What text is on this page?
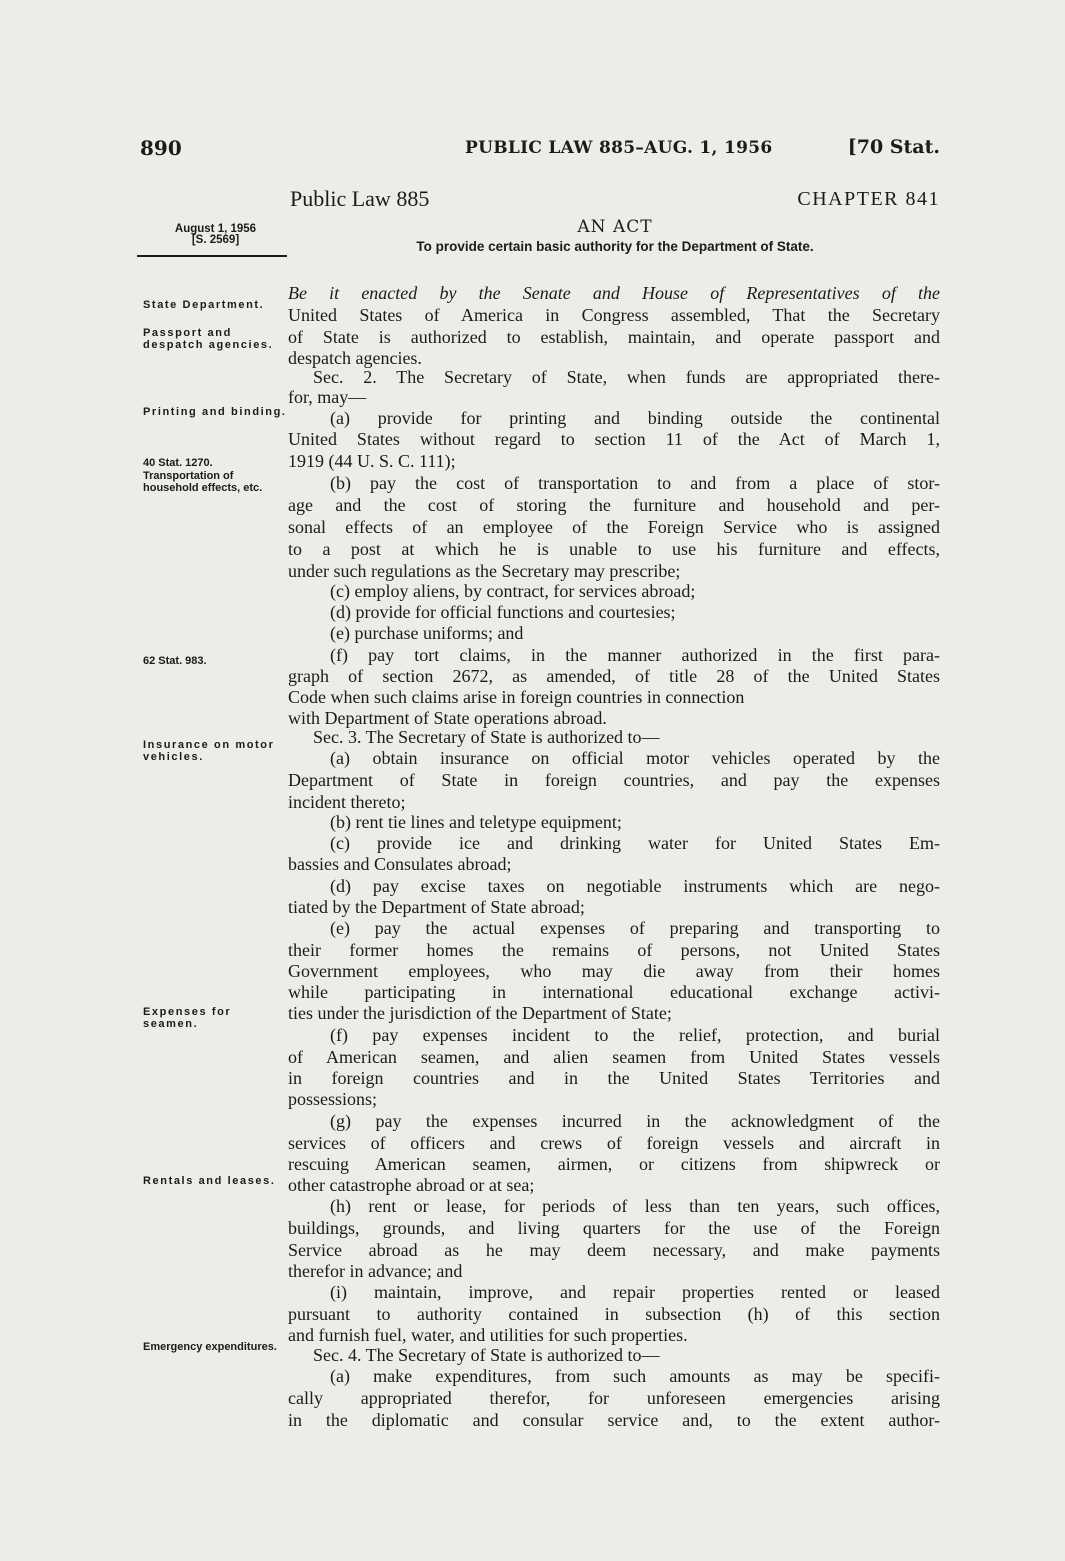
890	PUBLIC LAW 885–AUG. 1, 1956	[70 Stat.
Public Law 885	CHAPTER 841
AN ACT
To provide certain basic authority for the Department of State.
August 1, 1956
[S. 2569]
State Department.
Passport and despatch agencies.
Printing and binding.
40 Stat. 1270.
Transportation of household effects, etc.
62 Stat. 983.
Insurance on motor vehicles.
Expenses for seamen.
Rentals and leases.
Emergency expenditures.
Be it enacted by the Senate and House of Representatives of the
United States of America in Congress assembled, That the Secretary
of State is authorized to establish, maintain, and operate passport and
despatch agencies.
Sec. 2. The Secretary of State, when funds are appropriated there-
for, may—
(a) provide for printing and binding outside the continental
United States without regard to section 11 of the Act of March 1,
1919 (44 U. S. C. 111);
(b) pay the cost of transportation to and from a place of stor-
age and the cost of storing the furniture and household and per-
sonal effects of an employee of the Foreign Service who is assigned
to a post at which he is unable to use his furniture and effects,
under such regulations as the Secretary may prescribe;
(c) employ aliens, by contract, for services abroad;
(d) provide for official functions and courtesies;
(e) purchase uniforms; and
(f) pay tort claims, in the manner authorized in the first para-
graph of section 2672, as amended, of title 28 of the United States
Code when such claims arise in foreign countries in connection
with Department of State operations abroad.
Sec. 3. The Secretary of State is authorized to—
(a) obtain insurance on official motor vehicles operated by the
Department of State in foreign countries, and pay the expenses
incident thereto;
(b) rent tie lines and teletype equipment;
(c) provide ice and drinking water for United States Em-
bassies and Consulates abroad;
(d) pay excise taxes on negotiable instruments which are nego-
tiated by the Department of State abroad;
(e) pay the actual expenses of preparing and transporting to
their former homes the remains of persons, not United States
Government employees, who may die away from their homes
while participating in international educational exchange activi-
ties under the jurisdiction of the Department of State;
(f) pay expenses incident to the relief, protection, and burial
of American seamen, and alien seamen from United States vessels
in foreign countries and in the United States Territories and
possessions;
(g) pay the expenses incurred in the acknowledgment of the
services of officers and crews of foreign vessels and aircraft in
rescuing American seamen, airmen, or citizens from shipwreck or
other catastrophe abroad or at sea;
(h) rent or lease, for periods of less than ten years, such offices,
buildings, grounds, and living quarters for the use of the Foreign
Service abroad as he may deem necessary, and make payments
therefor in advance; and
(i) maintain, improve, and repair properties rented or leased
pursuant to authority contained in subsection (h) of this section
and furnish fuel, water, and utilities for such properties.
Sec. 4. The Secretary of State is authorized to—
(a) make expenditures, from such amounts as may be specifi-
cally appropriated therefor, for unforeseen emergencies arising
in the diplomatic and consular service and, to the extent author-
